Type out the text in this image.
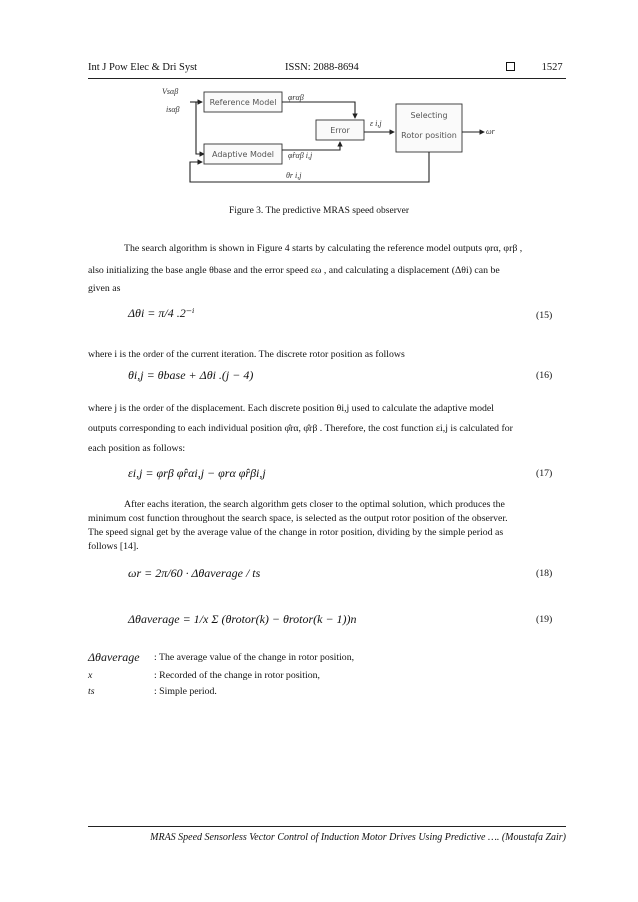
Int J Pow Elec & Dri Syst	ISSN: 2088-8694	1527
Vsαβ
isαβ
Reference Model
φrαβ
Error
ε i,j
Selecting
Rotor position	ωr
Adaptive Model φ̂rαβ i,j
θr i,j
Figure 3. The predictive MRAS speed observer
The search algorithm is shown in Figure 4 starts by calculating the reference model outputs φrα, φrβ ,
also initializing the base angle θbase and the error speed εω , and calculating a displacement (Δθi) can be
given as
Δθi = π/4 .2⁻ⁱ	(15)
where i is the order of the current iteration. The discrete rotor position as follows
θi,j = θbase + Δθi .(j − 4)	(16)
where j is the order of the displacement. Each discrete position θi,j used to calculate the adaptive model
outputs corresponding to each individual position φ̂rα, φ̂rβ . Therefore, the cost function εi,j is calculated for
each position as follows:
εi,j = φrβ φ̂rαi,j − φrα φ̂rβi,j	(17)
After eachs iteration, the search algorithm gets closer to the optimal solution, which produces the
minimum cost function throughout the search space, is selected as the output rotor position of the observer.
The speed signal get by the average value of the change in rotor position, dividing by the simple period as
follows [14].
ωr = 2π/60 · Δθaverage / ts	(18)
Δθaverage = 1/x Σ (θrotor(k) − θrotor(k − 1))n	(19)
Δθaverage : The average value of the change in rotor position,
x	: Recorded of the change in rotor position,
ts	: Simple period.
MRAS Speed Sensorless Vector Control of Induction Motor Drives Using Predictive …. (Moustafa Zair)
